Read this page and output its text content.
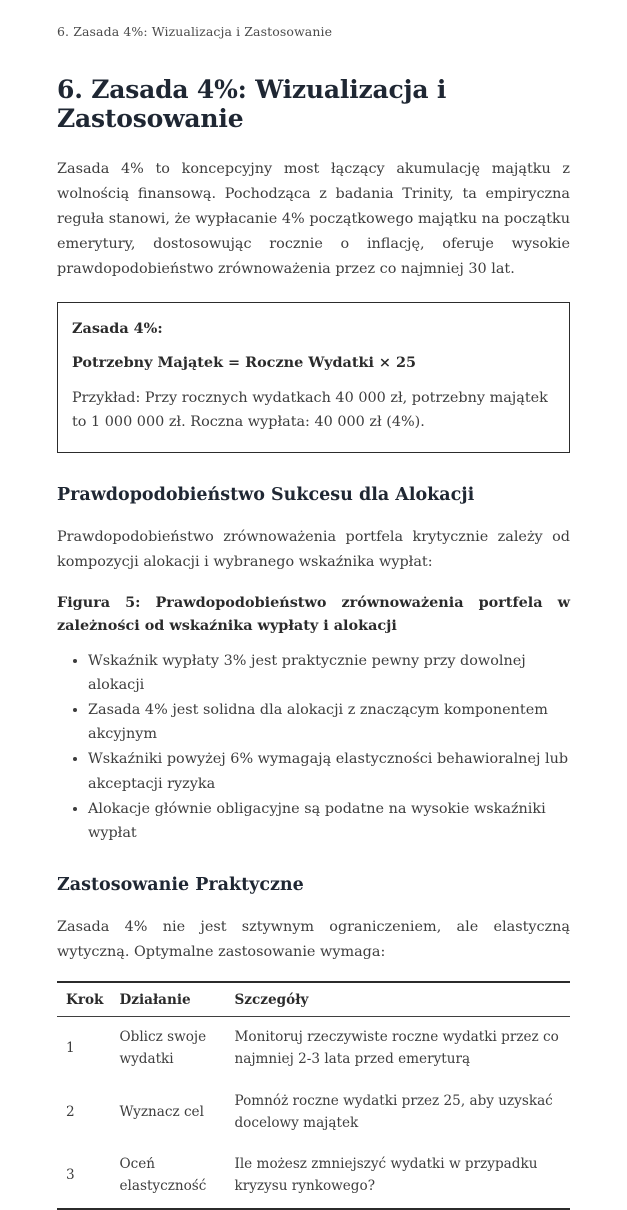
6. Zasada 4%: Wizualizacja i Zastosowanie
6. Zasada 4%: Wizualizacja i Zastosowanie

Zasada 4% to koncepcyjny most łączący akumulację majątku z wolnością finansową. Pochodząca z badania Trinity, ta empiryczna reguła stanowi, że wypłacanie 4% początkowego majątku na początku emerytury, dostosowując rocznie o inflację, oferuje wysokie prawdopodobieństwo zrównoważenia przez co najmniej 30 lat.

Zasada 4%:

Potrzebny Majątek = Roczne Wydatki × 25

Przykład: Przy rocznych wydatkach 40 000 zł, potrzebny majątek to 1 000 000 zł. Roczna wypłata: 40 000 zł (4%).

Prawdopodobieństwo Sukcesu dla Alokacji

Prawdopodobieństwo zrównoważenia portfela krytycznie zależy od kompozycji alokacji i wybranego wskaźnika wypłat:

Figura 5: Prawdopodobieństwo zrównoważenia portfela w zależności od wskaźnika wypłaty i alokacji

• Wskaźnik wypłaty 3% jest praktycznie pewny przy dowolnej alokacji
• Zasada 4% jest solidna dla alokacji z znaczącym komponentem akcyjnym
• Wskaźniki powyżej 6% wymagają elastyczności behawioralnej lub akceptacji ryzyka
• Alokacje głównie obligacyjne są podatne na wysokie wskaźniki wypłat
Zastosowanie Praktyczne

Zasada 4% nie jest sztywnym ograniczeniem, ale elastyczną wytyczną. Optymalne zastosowanie wymaga:

Krok	Działanie	Szczegóły
1	Oblicz swoje wydatki	Monitoruj rzeczywiste roczne wydatki przez co najmniej 2-3 lata przed emeryturą
2	Wyznacz cel	Pomnóż roczne wydatki przez 25, aby uzyskać docelowy majątek
3	Oceń elastyczność	Ile możesz zmniejszyć wydatki w przypadku kryzysu rynkowego?
